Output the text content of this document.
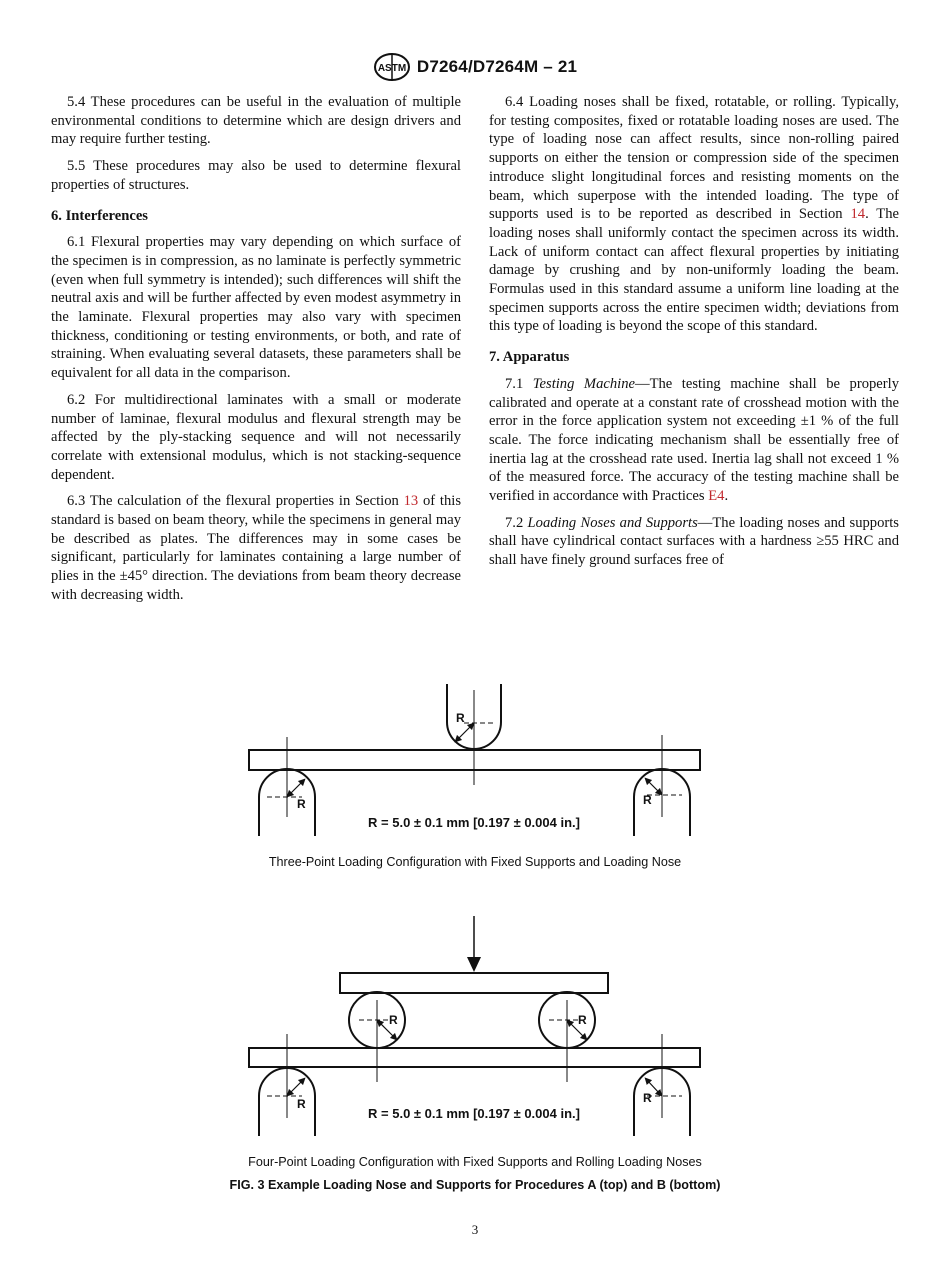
ASTM D7264/D7264M – 21

5.4 These procedures can be useful in the evaluation of multiple environmental conditions to determine which are design drivers and may require further testing.

5.5 These procedures may also be used to determine flexural properties of structures.

6. Interferences

6.1 Flexural properties may vary depending on which surface of the specimen is in compression, as no laminate is perfectly symmetric (even when full symmetry is intended); such differences will shift the neutral axis and will be further affected by even modest asymmetry in the laminate. Flexural properties may also vary with specimen thickness, conditioning or testing environments, or both, and rate of straining. When evaluating several datasets, these parameters shall be equivalent for all data in the comparison.

6.2 For multidirectional laminates with a small or moderate number of laminae, flexural modulus and flexural strength may be affected by the ply-stacking sequence and will not necessarily correlate with extensional modulus, which is not stacking-sequence dependent.

6.3 The calculation of the flexural properties in Section 13 of this standard is based on beam theory, while the specimens in general may be described as plates. The differences may in some cases be significant, particularly for laminates containing a large number of plies in the ±45° direction. The deviations from beam theory decrease with decreasing width.

6.4 Loading noses shall be fixed, rotatable, or rolling. Typically, for testing composites, fixed or rotatable loading noses are used. The type of loading nose can affect results, since non-rolling paired supports on either the tension or compression side of the specimen introduce slight longitudinal forces and resisting moments on the beam, which superpose with the intended loading. The type of supports used is to be reported as described in Section 14. The loading noses shall uniformly contact the specimen across its width. Lack of uniform contact can affect flexural properties by initiating damage by crushing and by non-uniformly loading the beam. Formulas used in this standard assume a uniform line loading at the specimen supports across the entire specimen width; deviations from this type of loading is beyond the scope of this standard.

7. Apparatus

7.1 Testing Machine—The testing machine shall be properly calibrated and operate at a constant rate of crosshead motion with the error in the force application system not exceeding ±1 % of the full scale. The force indicating mechanism shall be essentially free of inertia lag at the crosshead rate used. Inertia lag shall not exceed 1 % of the measured force. The accuracy of the testing machine shall be verified in accordance with Practices E4.

7.2 Loading Noses and Supports—The loading noses and supports shall have cylindrical contact surfaces with a hardness ≥55 HRC and shall have finely ground surfaces free of

R
R	R
R = 5.0 ± 0.1 mm [0.197 ± 0.004 in.]
R	R
R	R
R = 5.0 ± 0.1 mm [0.197 ± 0.004 in.]
Three-Point Loading Configuration with Fixed Supports and Loading Nose
Four-Point Loading Configuration with Fixed Supports and Rolling Loading Noses
FIG. 3 Example Loading Nose and Supports for Procedures A (top) and B (bottom)
3
